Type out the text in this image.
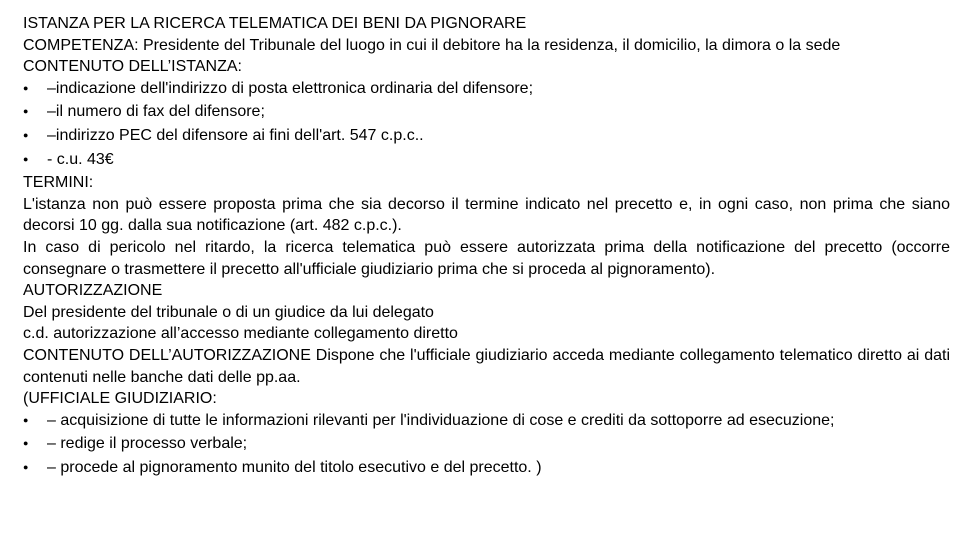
ISTANZA PER LA RICERCA TELEMATICA DEI BENI DA PIGNORARE
COMPETENZA: Presidente del Tribunale del luogo in cui il debitore ha la residenza, il domicilio, la dimora o la sede
CONTENUTO DELL’ISTANZA:
●	–indicazione dell'indirizzo di posta elettronica ordinaria del difensore;
●	–il numero di fax del difensore;
●	–indirizzo PEC del difensore ai fini dell'art. 547 c.p.c..
●	- c.u. 43€
TERMINI:
L'istanza non può essere proposta prima che sia decorso il termine indicato nel precetto e, in ogni caso, non prima che siano decorsi 10 gg. dalla sua notificazione (art. 482 c.p.c.).
In caso di pericolo nel ritardo, la ricerca telematica può essere autorizzata prima della notificazione del precetto (occorre consegnare o trasmettere il precetto all'ufficiale giudiziario prima che si proceda al pignoramento).
AUTORIZZAZIONE
Del presidente del tribunale o di un giudice da lui delegato
c.d. autorizzazione all’accesso mediante collegamento diretto
CONTENUTO DELL’AUTORIZZAZIONE Dispone che l'ufficiale giudiziario acceda mediante collegamento telematico diretto ai dati contenuti nelle banche dati delle pp.aa.
(UFFICIALE GIUDIZIARIO:
●	– acquisizione di tutte le informazioni rilevanti per l'individuazione di cose e crediti da sottoporre ad esecuzione;
●	– redige il processo verbale;
●	– procede al pignoramento munito del titolo esecutivo e del precetto. )
